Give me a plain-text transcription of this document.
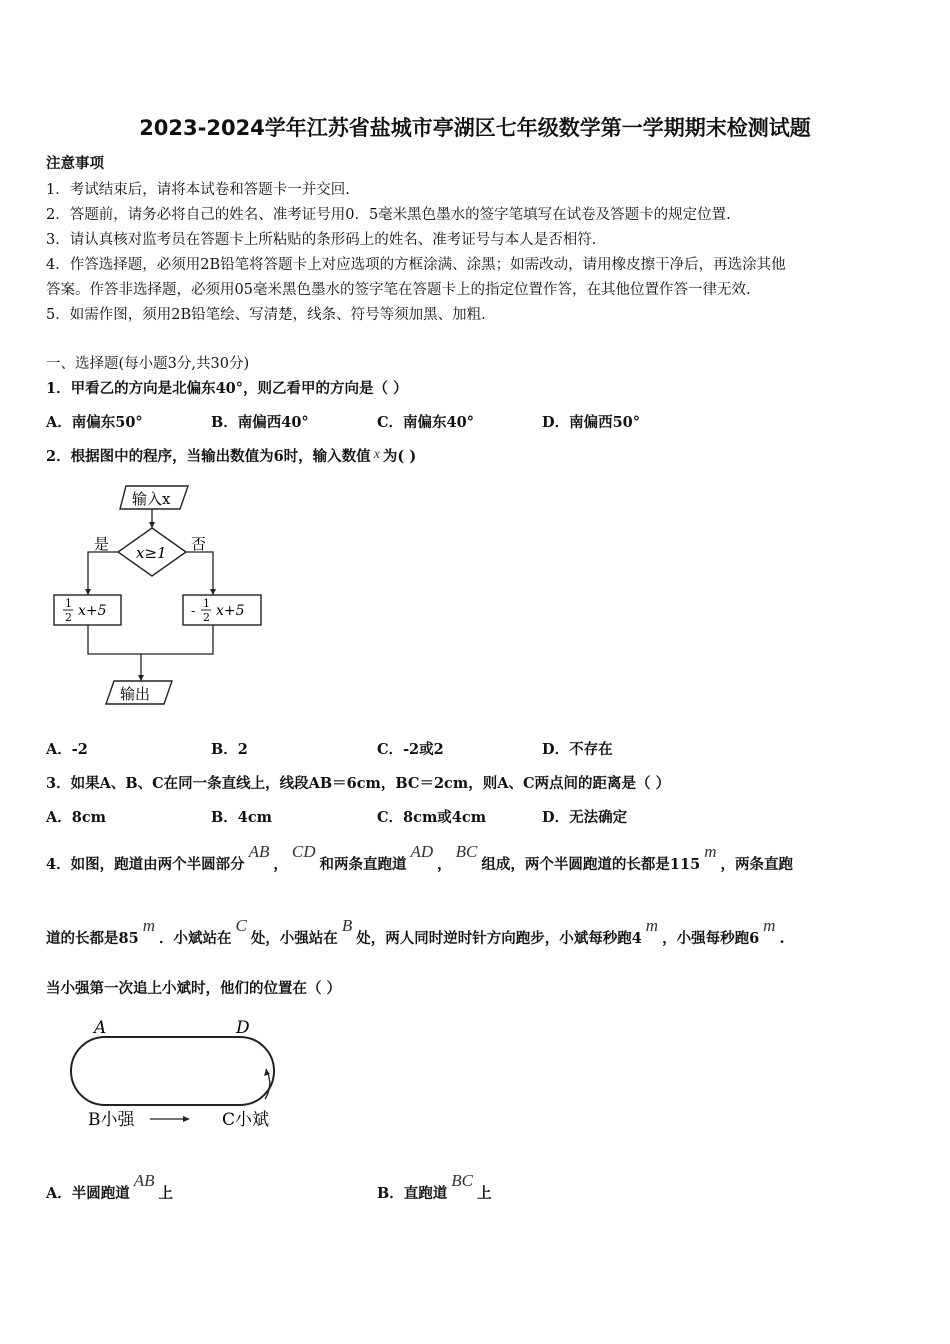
2023-2024学年江苏省盐城市亭湖区七年级数学第一学期期末检测试题
注意事项
1．考试结束后，请将本试卷和答题卡一并交回.
2．答题前，请务必将自己的姓名、准考证号用0．5毫米黑色墨水的签字笔填写在试卷及答题卡的规定位置.
3．请认真核对监考员在答题卡上所粘贴的条形码上的姓名、准考证号与本人是否相符.
4．作答选择题，必须用2B铅笔将答题卡上对应选项的方框涂满、涂黑；如需改动，请用橡皮擦干净后，再选涂其他
答案。作答非选择题，必须用05毫米黑色墨水的签字笔在答题卡上的指定位置作答，在其他位置作答一律无效.
5．如需作图，须用2B铅笔绘、写清楚，线条、符号等须加黑、加粗.
一、选择题(每小题3分,共30分)
1．甲看乙的方向是北偏东40°，则乙看甲的方向是（ ）
A．南偏东50°	B．南偏西40°	C．南偏东40°	D．南偏西50°
2．根据图中的程序，当输出数值为6时，输入数值 x 为( )
输入x
x≥1
是	否
1
2 x+5	-
1
2 x+5
输出
A．-2	B．2	C．-2或2	D．不存在
3．如果A、B、C在同一条直线上，线段AB＝6cm，BC＝2cm，则A、C两点间的距离是（ ）
A．8cm	B．4cm	C．8cm或4cm	D．无法确定
4．如图，跑道由两个半圆部分AB，CD和两条直跑道AD，BC组成，两个半圆跑道的长都是115m，两条直跑
道的长都是85m．小斌站在C处，小强站在B处，两人同时逆时针方向跑步，小斌每秒跑4m，小强每秒跑6m.
当小强第一次追上小斌时，他们的位置在（ ）
A	D
B小强	C小斌
A．半圆跑道AB上	B．直跑道BC上
